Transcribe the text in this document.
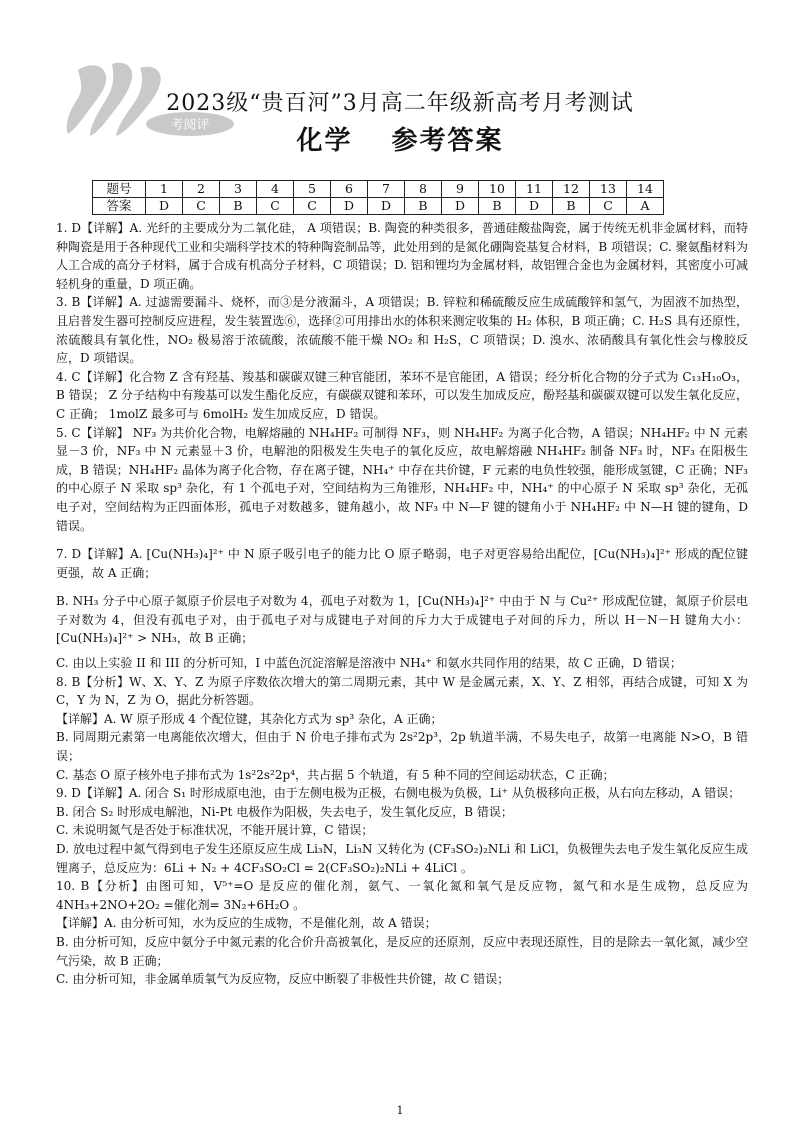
考阅评
2023级“贵百河”3月高二年级新高考月考测试
化学 参考答案
题号	1	2	3	4	5	6	7	8	9	10	11	12	13	14
答案	D	C	B	C	C	D	D	B	D	B	D	B	C	A

1. D【详解】A. 光纤的主要成分为二氧化硅， A 项错误；B. 陶瓷的种类很多，普通硅酸盐陶瓷，属于传统无机非金属材料，而特种陶瓷是用于各种现代工业和尖端科学技术的特种陶瓷制品等，此处用到的是氮化硼陶瓷基复合材料，B 项错误；C. 聚氨酯材料为人工合成的高分子材料，属于合成有机高分子材料，C 项错误；D. 铝和锂均为金属材料，故铝锂合金也为金属材料，其密度小可减轻机身的重量，D 项正确。

3. B【详解】A. 过滤需要漏斗、烧杯，而③是分液漏斗，A 项错误；B. 锌粒和稀硫酸反应生成硫酸锌和氢气，为固液不加热型，且启普发生器可控制反应进程，发生装置选⑥，选择②可用排出水的体积来测定收集的 H₂ 体积，B 项正确；C. H₂S 具有还原性，浓硫酸具有氧化性，NO₂ 极易溶于浓硫酸，浓硫酸不能干燥 NO₂ 和 H₂S，C 项错误；D. 溴水、浓硝酸具有氧化性会与橡胶反应，D 项错误。

4. C【详解】化合物 Z 含有羟基、羧基和碳碳双键三种官能团，苯环不是官能团，A 错误；经分析化合物的分子式为 C₁₃H₁₀O₃，B 错误； Z 分子结构中有羧基可以发生酯化反应，有碳碳双键和苯环，可以发生加成反应，酚羟基和碳碳双键可以发生氧化反应，C 正确； 1molZ 最多可与 6molH₂ 发生加成反应，D 错误。

5. C【详解】 NF₃ 为共价化合物，电解熔融的 NH₄HF₂ 可制得 NF₃，则 NH₄HF₂ 为离子化合物，A 错误；NH₄HF₂ 中 N 元素显－3 价，NF₃ 中 N 元素显＋3 价，电解池的阳极发生失电子的氧化反应，故电解熔融 NH₄HF₂ 制备 NF₃ 时，NF₃ 在阳极生成，B 错误；NH₄HF₂ 晶体为离子化合物，存在离子键，NH₄⁺ 中存在共价键，F 元素的电负性较强，能形成氢键，C 正确；NF₃ 的中心原子 N 采取 sp³ 杂化，有 1 个孤电子对，空间结构为三角锥形，NH₄HF₂ 中，NH₄⁺ 的中心原子 N 采取 sp³ 杂化，无孤电子对，空间结构为正四面体形，孤电子对数越多，键角越小，故 NF₃ 中 N—F 键的键角小于 NH₄HF₂ 中 N—H 键的键角，D 错误。

7. D【详解】A. [Cu(NH₃)₄]²⁺ 中 N 原子吸引电子的能力比 O 原子略弱，电子对更容易给出配位，[Cu(NH₃)₄]²⁺ 形成的配位键更强，故 A 正确；

B. NH₃ 分子中心原子氮原子价层电子对数为 4，孤电子对数为 1，[Cu(NH₃)₄]²⁺ 中由于 N 与 Cu²⁺ 形成配位键，氮原子价层电子对数为 4，但没有孤电子对，由于孤电子对与成键电子对间的斥力大于成键电子对间的斥力，所以 H－N－H 键角大小：[Cu(NH₃)₄]²⁺ > NH₃，故 B 正确；

C. 由以上实验 II 和 III 的分析可知，I 中蓝色沉淀溶解是溶液中 NH₄⁺ 和氨水共同作用的结果，故 C 正确，D 错误；

8. B【分析】W、X、Y、Z 为原子序数依次增大的第二周期元素，其中 W 是金属元素，X、Y、Z 相邻，再结合成键，可知 X 为 C，Y 为 N，Z 为 O，据此分析答题。

【详解】A. W 原子形成 4 个配位键，其杂化方式为 sp³ 杂化，A 正确；

B. 同周期元素第一电离能依次增大，但由于 N 价电子排布式为 2s²2p³，2p 轨道半满，不易失电子，故第一电离能 N>O，B 错误；

C. 基态 O 原子核外电子排布式为 1s²2s²2p⁴，共占据 5 个轨道，有 5 种不同的空间运动状态，C 正确；

9. D【详解】A. 闭合 S₁ 时形成原电池，由于左侧电极为正极，右侧电极为负极，Li⁺ 从负极移向正极，从右向左移动，A 错误；

B. 闭合 S₂ 时形成电解池，Ni-Pt 电极作为阳极，失去电子，发生氧化反应，B 错误；

C. 未说明氮气是否处于标准状况，不能开展计算，C 错误；

D. 放电过程中氮气得到电子发生还原反应生成 Li₃N，Li₃N 又转化为 (CF₃SO₂)₂NLi 和 LiCl，负极锂失去电子发生氧化反应生成锂离子，总反应为：6Li + N₂ + 4CF₃SO₂Cl = 2(CF₃SO₂)₂NLi + 4LiCl 。

10. B【分析】由图可知，V⁵⁺=O 是反应的催化剂，氨气、一氧化氮和氧气是反应物，氮气和水是生成物，总反应为 4NH₃+2NO+2O₂ =催化剂= 3N₂+6H₂O 。

【详解】A. 由分析可知，水为反应的生成物，不是催化剂，故 A 错误；

B. 由分析可知，反应中氨分子中氮元素的化合价升高被氧化，是反应的还原剂，反应中表现还原性，目的是除去一氧化氮，减少空气污染，故 B 正确；

C. 由分析可知，非金属单质氧气为反应物，反应中断裂了非极性共价键，故 C 错误；

1
